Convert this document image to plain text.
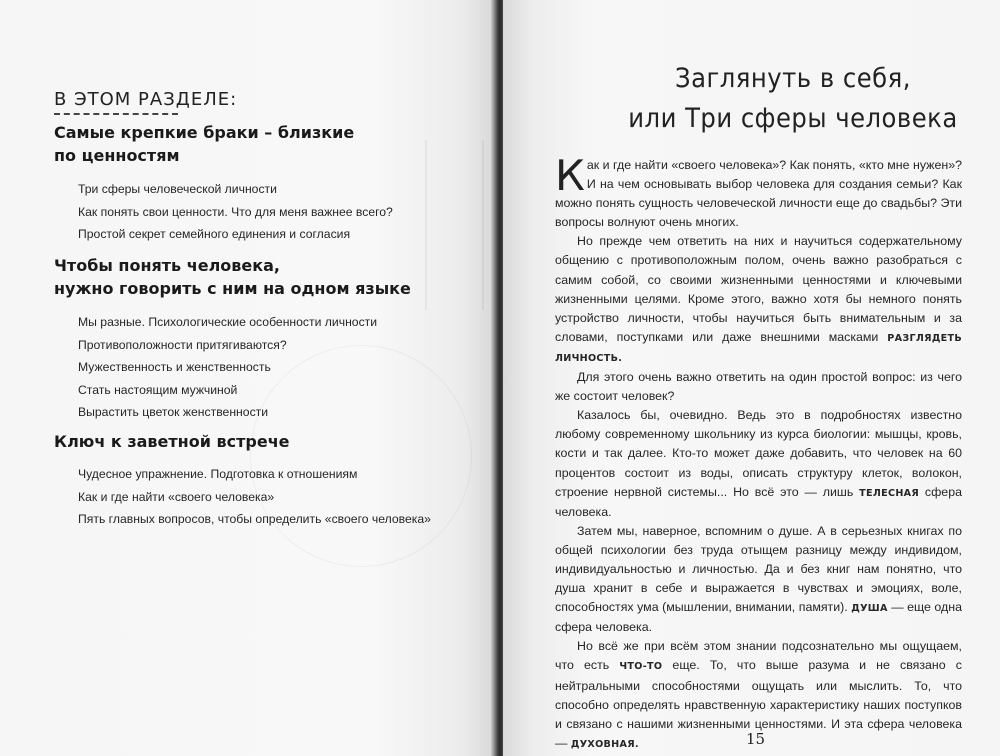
В ЭТОМ РАЗДЕЛЕ:
Самые крепкие браки – близкие
по ценностям
Три сферы человеческой личности
Как понять свои ценности. Что для меня важнее всего?
Простой секрет семейного единения и согласия
Чтобы понять человека,
нужно говорить с ним на одном языке
Мы разные. Психологические особенности личности
Противоположности притягиваются?
Мужественность и женственность
Стать настоящим мужчиной
Вырастить цветок женственности
Ключ к заветной встрече
Чудесное упражнение. Подготовка к отношениям
Как и где найти «своего человека»
Пять главных вопросов, чтобы определить «своего человека»
Заглянуть в себя,
или Три сферы человека

Как и где найти «своего человека»? Как понять, «кто мне нужен»? И на чем основывать выбор человека для создания семьи? Как можно понять сущность человеческой личности еще до свадьбы? Эти вопросы волнуют очень многих.

Но прежде чем ответить на них и научиться содержательному общению с противоположным полом, очень важно разобраться с самим собой, со своими жизненными ценностями и ключевыми жизненными целями. Кроме этого, важно хотя бы немного понять устройство личности, чтобы научиться быть внимательным и за словами, поступками или даже внешними масками РАЗГЛЯДЕТЬ ЛИЧНОСТЬ.

Для этого очень важно ответить на один простой вопрос: из чего же состоит человек?

Казалось бы, очевидно. Ведь это в подробностях известно любому современному школьнику из курса биологии: мышцы, кровь, кости и так далее. Кто-то может даже добавить, что человек на 60 процентов состоит из воды, описать структуру клеток, волокон, строение нервной системы... Но всё это — лишь ТЕЛЕСНАЯ сфера человека.

Затем мы, наверное, вспомним о душе. А в серьезных книгах по общей психологии без труда отыщем разницу между индивидом, индивидуальностью и личностью. Да и без книг нам понятно, что душа хранит в себе и выражается в чувствах и эмоциях, воле, способностях ума (мышлении, внимании, памяти). ДУША — еще одна сфера человека.

Но всё же при всём этом знании подсознательно мы ощущаем, что есть ЧТО-ТО еще. То, что выше разума и не связано с нейтральными способностями ощущать или мыслить. То, что способно определять нравственную характеристику наших поступков и связано с нашими жизненными ценностями. И эта сфера человека — ДУХОВНАЯ.	15
